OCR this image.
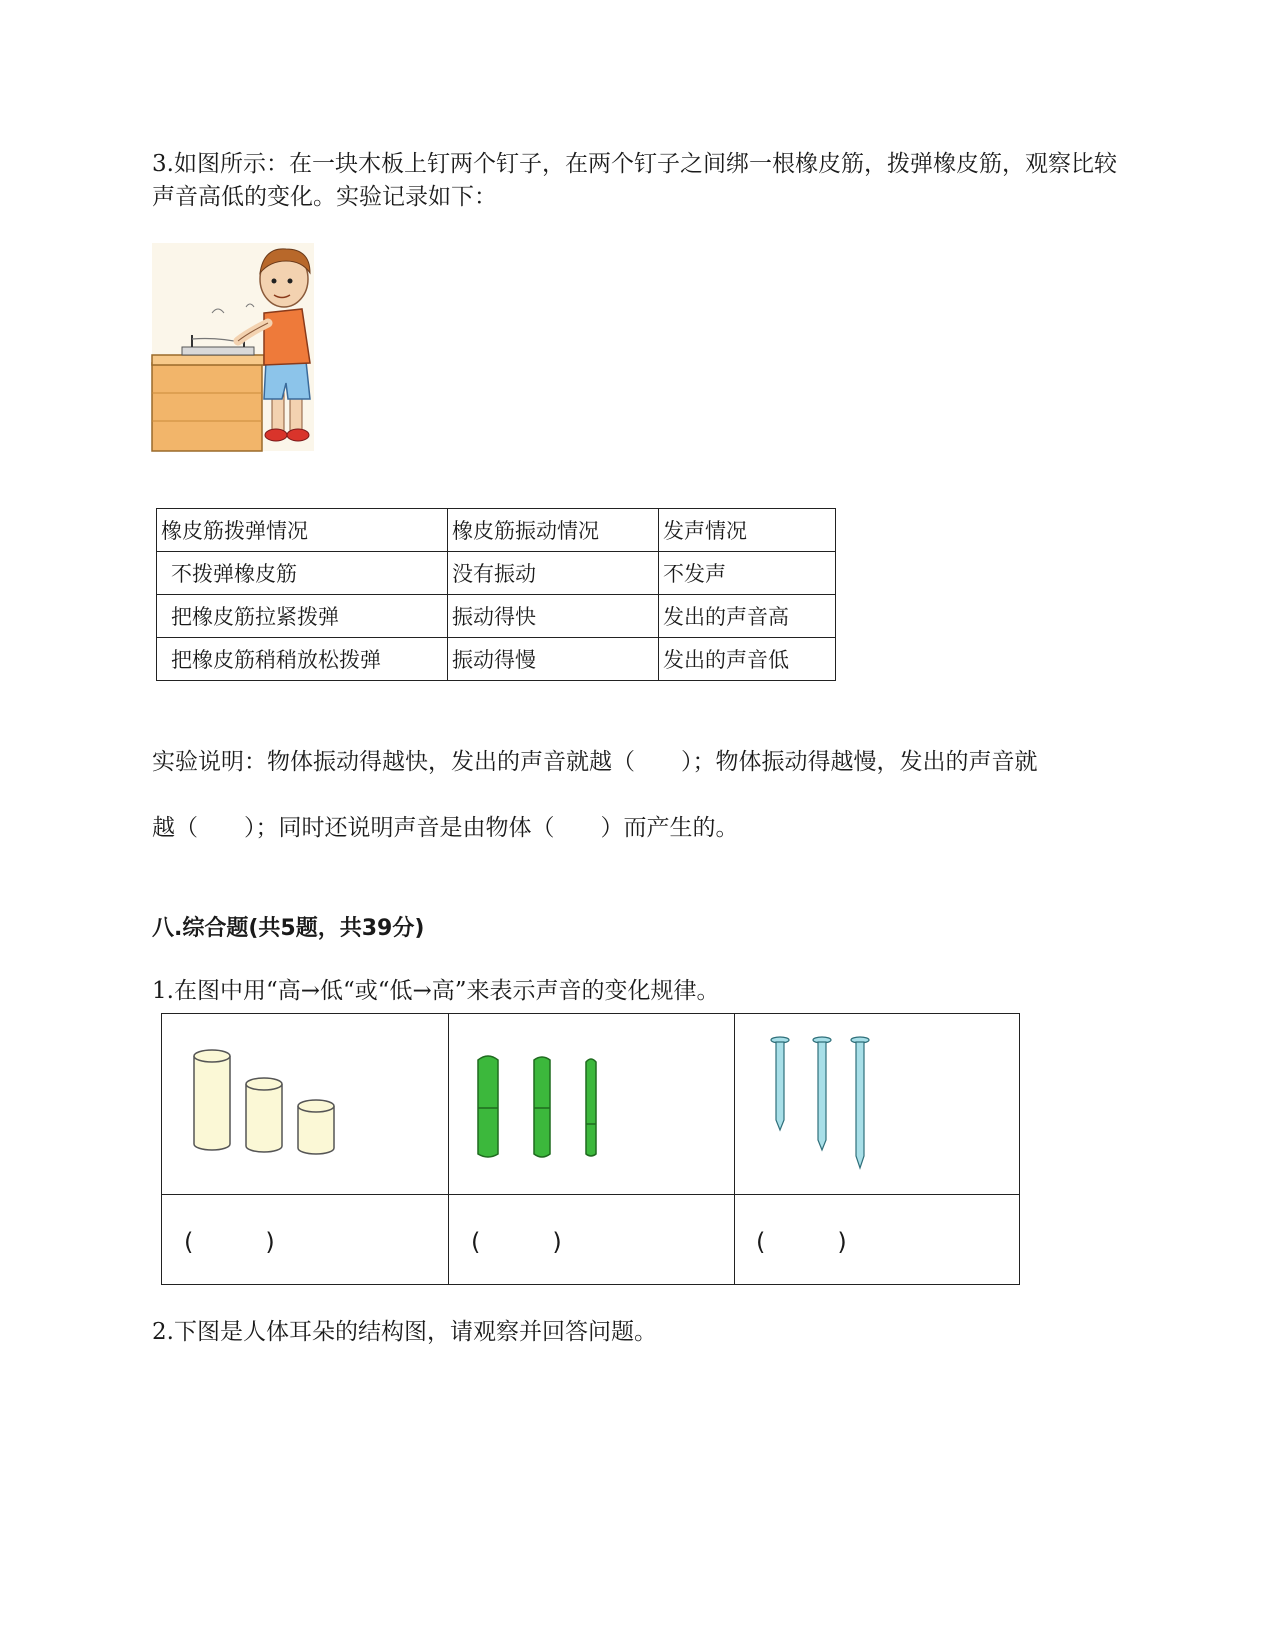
3.如图所示：在一块木板上钉两个钉子，在两个钉子之间绑一根橡皮筋，拨弹橡皮筋，观察比较声音高低的变化。实验记录如下：

橡皮筋拨弹情况	橡皮筋振动情况	发声情况
不拨弹橡皮筋	没有振动	不发声
把橡皮筋拉紧拨弹	振动得快	发出的声音高
把橡皮筋稍稍放松拨弹	振动得慢	发出的声音低

实验说明：物体振动得越快，发出的声音就越（　　）；物体振动得越慢，发出的声音就

越（　　）；同时还说明声音是由物体（　　）而产生的。

八.综合题(共5题，共39分)

1.在图中用“高→低“或“低→高”来表示声音的变化规律。

(　　　)	(　　　)	(　　　)

2.下图是人体耳朵的结构图，请观察并回答问题。
